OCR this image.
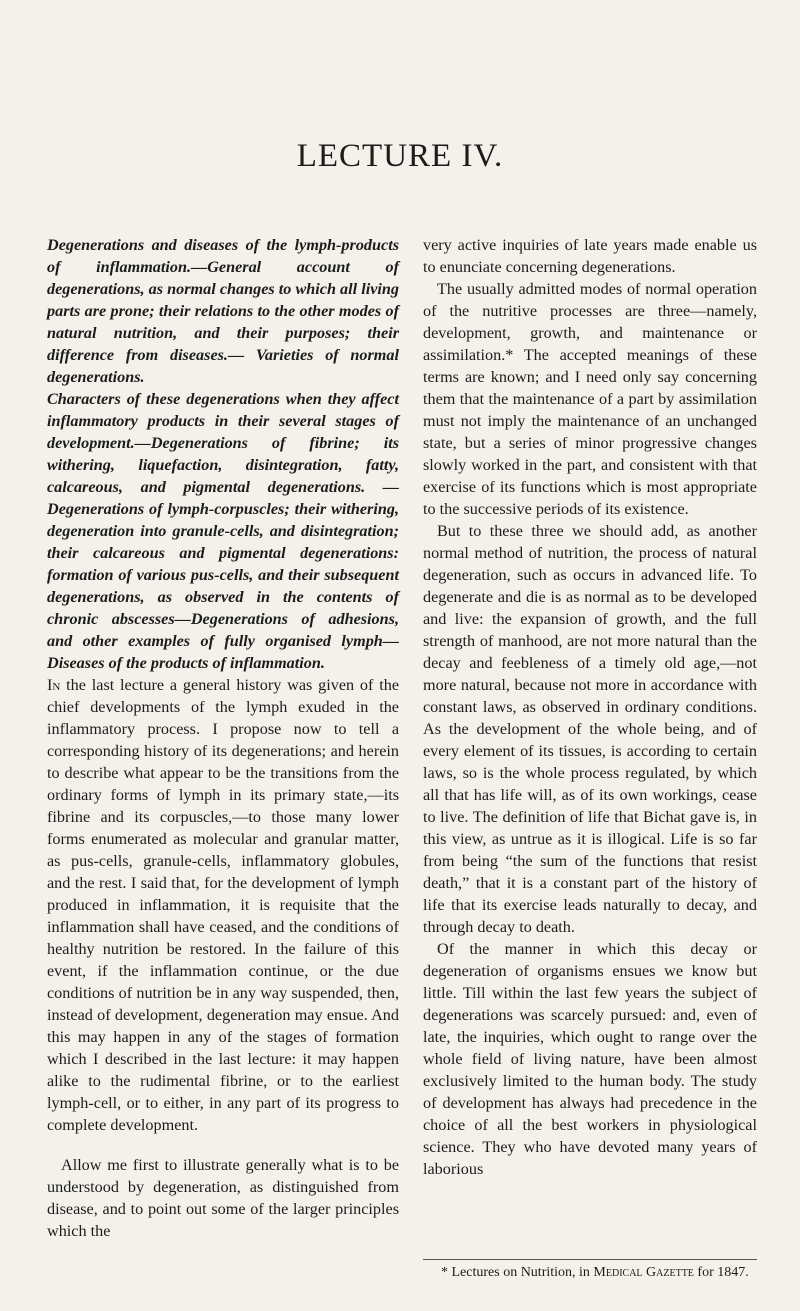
LECTURE IV.

Degenerations and diseases of the lymph-products of inflammation.—General account of degenerations, as normal changes to which all living parts are prone; their relations to the other modes of natural nutrition, and their purposes; their difference from diseases.— Varieties of normal degenerations.

Characters of these degenerations when they affect inflammatory products in their several stages of development.—Degenerations of fibrine; its withering, liquefaction, disintegration, fatty, calcareous, and pigmental degenerations. — Degenerations of lymph-corpuscles; their withering, degeneration into granule-cells, and disintegration; their calcareous and pigmental degenerations: formation of various pus-cells, and their subsequent degenerations, as observed in the contents of chronic abscesses—Degenerations of adhesions, and other examples of fully organised lymph—Diseases of the products of inflammation.

In the last lecture a general history was given of the chief developments of the lymph exuded in the inflammatory process. I propose now to tell a corresponding history of its degenerations; and herein to describe what appear to be the transitions from the ordinary forms of lymph in its primary state,—its fibrine and its corpuscles,—to those many lower forms enumerated as molecular and granular matter, as pus-cells, granule-cells, inflammatory globules, and the rest. I said that, for the development of lymph produced in inflammation, it is requisite that the inflammation shall have ceased, and the conditions of healthy nutrition be restored. In the failure of this event, if the inflammation continue, or the due conditions of nutrition be in any way suspended, then, instead of development, degeneration may ensue. And this may happen in any of the stages of formation which I described in the last lecture: it may happen alike to the rudimental fibrine, or to the earliest lymph-cell, or to either, in any part of its progress to complete development.

Allow me first to illustrate generally what is to be understood by degeneration, as distinguished from disease, and to point out some of the larger principles which the

very active inquiries of late years made enable us to enunciate concerning degenerations.

The usually admitted modes of normal operation of the nutritive processes are three—namely, development, growth, and maintenance or assimilation.* The accepted meanings of these terms are known; and I need only say concerning them that the maintenance of a part by assimilation must not imply the maintenance of an unchanged state, but a series of minor progressive changes slowly worked in the part, and consistent with that exercise of its functions which is most appropriate to the successive periods of its existence.

But to these three we should add, as another normal method of nutrition, the process of natural degeneration, such as occurs in advanced life. To degenerate and die is as normal as to be developed and live: the expansion of growth, and the full strength of manhood, are not more natural than the decay and feebleness of a timely old age,—not more natural, because not more in accordance with constant laws, as observed in ordinary conditions. As the development of the whole being, and of every element of its tissues, is according to certain laws, so is the whole process regulated, by which all that has life will, as of its own workings, cease to live. The definition of life that Bichat gave is, in this view, as untrue as it is illogical. Life is so far from being “the sum of the functions that resist death,” that it is a constant part of the history of life that its exercise leads naturally to decay, and through decay to death.

Of the manner in which this decay or degeneration of organisms ensues we know but little. Till within the last few years the subject of degenerations was scarcely pursued: and, even of late, the inquiries, which ought to range over the whole field of living nature, have been almost exclusively limited to the human body. The study of development has always had precedence in the choice of all the best workers in physiological science. They who have devoted many years of laborious

* Lectures on Nutrition, in Medical Gazette for 1847.
